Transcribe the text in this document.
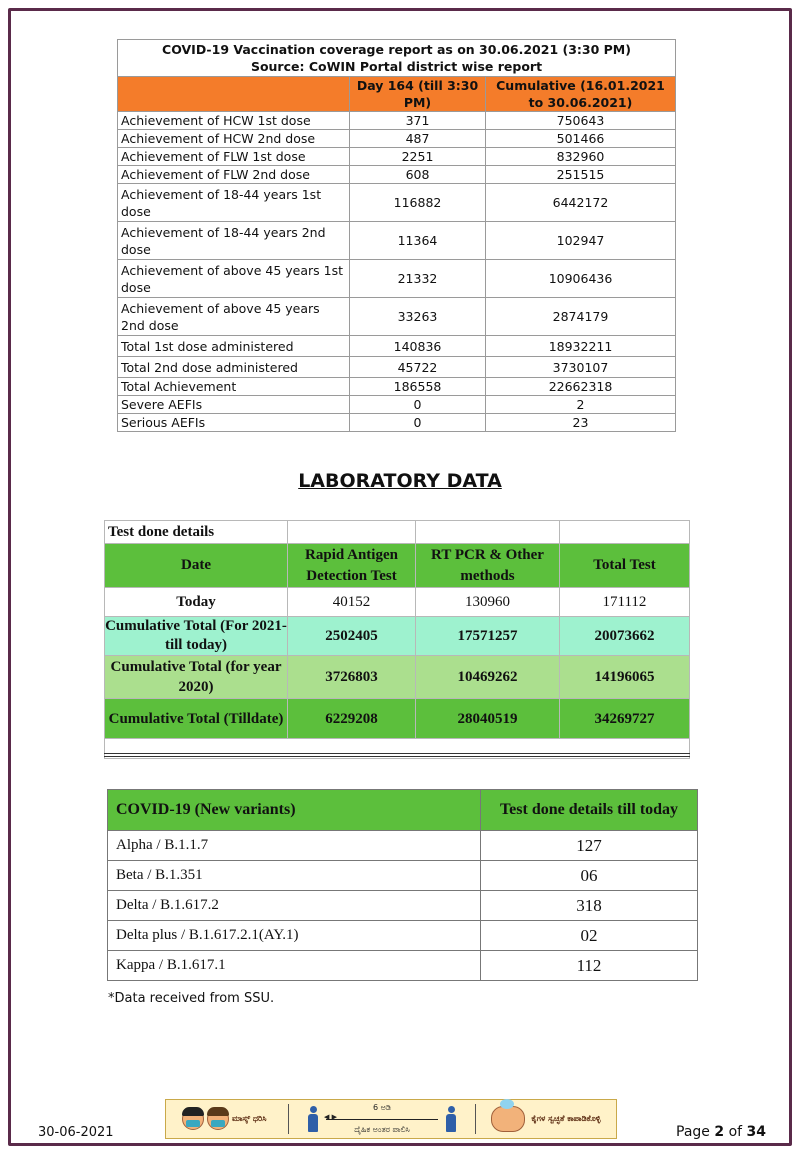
COVID-19 Vaccination coverage report as on 30.06.2021 (3:30 PM)
Source: CoWIN Portal district wise report		

	Day 164 (till 3:30 PM)	Cumulative (16.01.2021 to 30.06.2021)
Achievement of HCW 1st dose	371	750643
Achievement of HCW 2nd dose	487	501466
Achievement of FLW 1st dose	2251	832960
Achievement of FLW 2nd dose	608	251515
Achievement of 18-44 years 1st dose	116882	6442172
Achievement of 18-44 years 2nd dose	11364	102947
Achievement of above 45 years 1st dose	21332	10906436
Achievement of above 45 years 2nd dose	33263	2874179
Total 1st dose administered	140836	18932211
Total 2nd dose administered	45722	3730107
Total Achievement	186558	22662318
Severe AEFIs	0	2
Serious AEFIs	0	23
LABORATORY DATA
Test done details			
Date	Rapid Antigen Detection Test	RT PCR & Other methods	Total Test
Today	40152	130960	171112
Cumulative Total (For 2021- till today)	2502405	17571257	20073662
Cumulative Total (for year 2020)	3726803	10469262	14196065
Cumulative Total (Tilldate)	6229208	28040519	34269727

COVID-19 (New variants)	Test done details till today
Alpha / B.1.1.7	127
Beta / B.1.351	06
Delta / B.1.617.2	318
Delta plus / B.1.617.2.1(AY.1)	02
Kappa / B.1.617.1	112
*Data received from SSU.
30-06-2021
ಮಾಸ್ಕ್ ಧರಿಸಿ
6 ಅಡಿ
◀ ▶
ದೈಹಿಕ ಅಂತರ ಪಾಲಿಸಿ
ಕೈಗಳ ಸ್ವಚ್ಛತೆ ಕಾಪಾಡಿಕೊಳ್ಳಿ
Page 2 of 34
